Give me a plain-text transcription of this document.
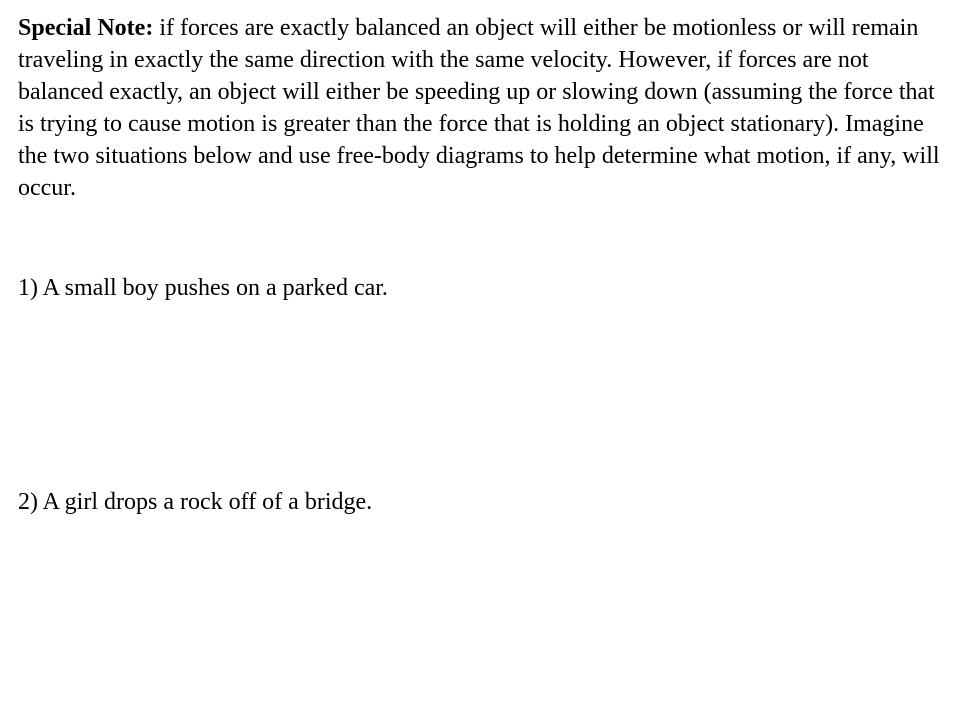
Special Note: if forces are exactly balanced an object will either be motionless or will remain traveling in exactly the same direction with the same velocity. However, if forces are not balanced exactly, an object will either be speeding up or slowing down (assuming the force that is trying to cause motion is greater than the force that is holding an object stationary). Imagine the two situations below and use free-body diagrams to help determine what motion, if any, will occur.

1) A small boy pushes on a parked car.

2) A girl drops a rock off of a bridge.
